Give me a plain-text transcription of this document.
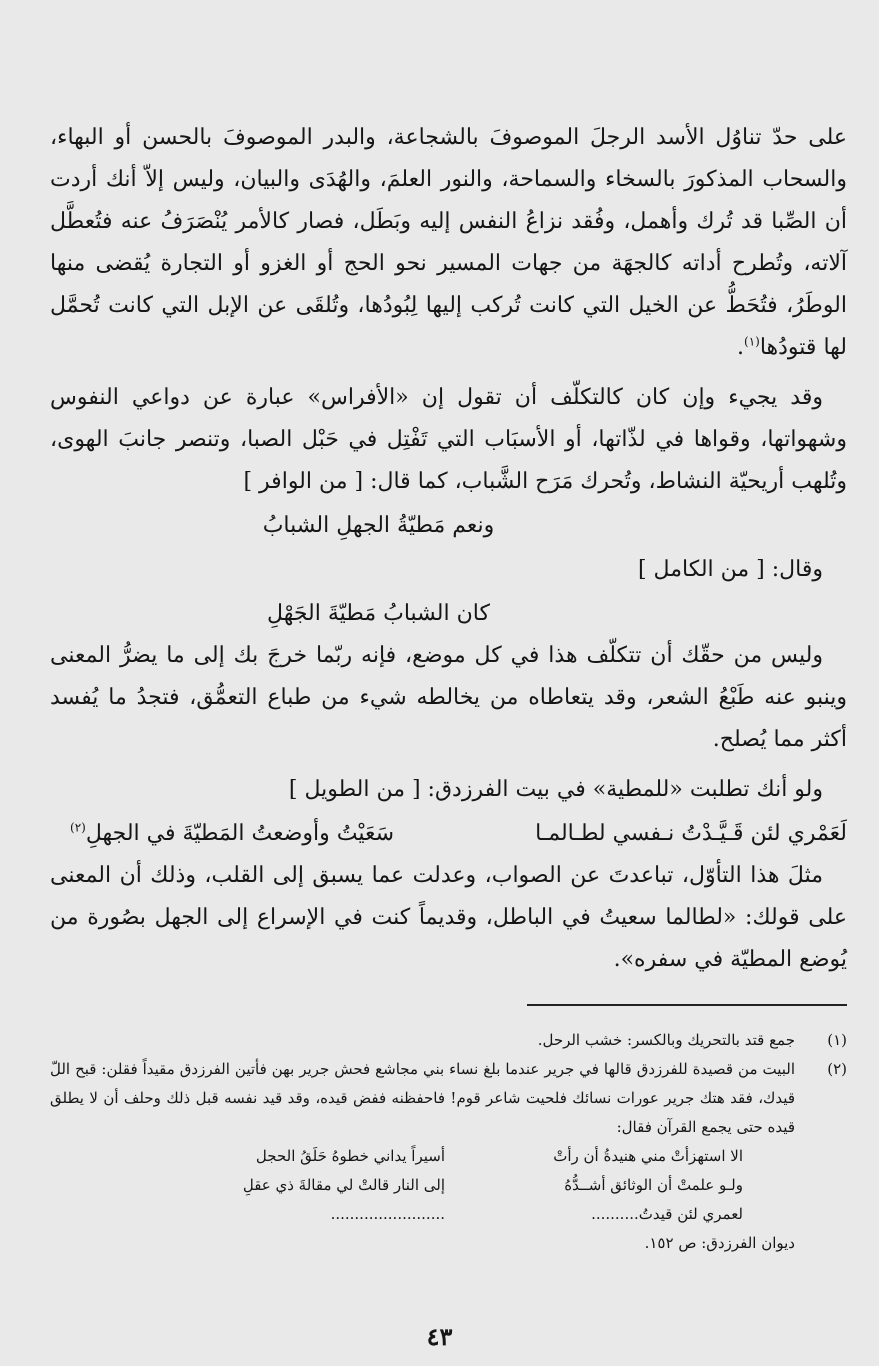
على حدّ تناوُل الأسد الرجلَ الموصوفَ بالشجاعة، والبدر الموصوفَ بالحسن أو البهاء، والسحاب المذكورَ بالسخاء والسماحة، والنور العلمَ، والهُدَى والبيان، وليس إلاّ أنك أردت أن الصِّبا قد تُرك وأهمل، وفُقد نزاعُ النفس إليه وبَطَل، فصار كالأمر يُنْصَرَفُ عنه فتُعطَّل آلاته، وتُطرح أداته كالجهَة من جهات المسير نحو الحج أو الغزو أو التجارة يُقضى منها الوطَرُ، فتُحَطُّ عن الخيل التي كانت تُركب إليها لِبُودُها، وتُلقَى عن الإبل التي كانت تُحمَّل لها قتودُها$^{(١)}$.

وقد يجيء وإن كان كالتكلّف أن تقول إن «الأفراس» عبارة عن دواعي النفوس وشهواتها، وقواها في لذّاتها، أو الأسبَاب التي تَفْتِل في حَبْل الصبا، وتنصر جانبَ الهوى، وتُلهب أريحيّة النشاط، وتُحرك مَرَح الشَّباب، كما قال: [ من الوافر ]

ونعم مَطيّةُ الجهلِ الشبابُ
وقال: [ من الكامل ]
كان الشبابُ مَطيّةَ الجَهْلِ

وليس من حقّك أن تتكلّف هذا في كل موضع، فإنه ربّما خرجَ بك إلى ما يضرُّ المعنى وينبو عنه طَبْعُ الشعر، وقد يتعاطاه من يخالطه شيء من طباع التعمُّق، فتجدُ ما يُفسد أكثر مما يُصلح.

ولو أنك تطلبت «للمطية» في بيت الفرزدق: [ من الطويل ]

لَعَمْري لئن قَـيَّـدْتُ نـفسي لطـالمـا
سَعَيْتُ وأوضعتُ المَطيّةَ في الجهلِ$^{(٢)}$

مثلَ هذا التأوّل، تباعدتَ عن الصواب، وعدلت عما يسبق إلى القلب، وذلك أن المعنى على قولك: «لطالما سعيتُ في الباطل، وقديماً كنت في الإسراع إلى الجهل بصُورة من يُوضع المطيّة في سفره».

(١)
جمع قتد بالتحريك وبالكسر: خشب الرحل.
(٢)
البيت من قصيدة للفرزدق قالها في جرير عندما بلغ نساء بني مجاشع فحش جرير بهن فأتين الفرزدق مقيداً فقلن: قبح اللّ قيدك، فقد هتك جرير عورات نسائك فلحيت شاعر قوم! فاحفظنه ففض قيده، وقد قيد نفسه قبل ذلك وحلف أن لا يطلق قيده حتى يجمع القرآن فقال:
الا استهزأتْ مني هنيدةُ أن رأتْ
أسيراً يداني خطوهُ حَلَقُ الحجل
ولـو علمتْ أن الوثائق أشــدُّهُ
إلى النار قالتْ لي مقالةَ ذي عقلِ
لعمري لئن قيدتُ..........
........................
ديوان الفرزدق: ص ١٥٢.
٤٣
